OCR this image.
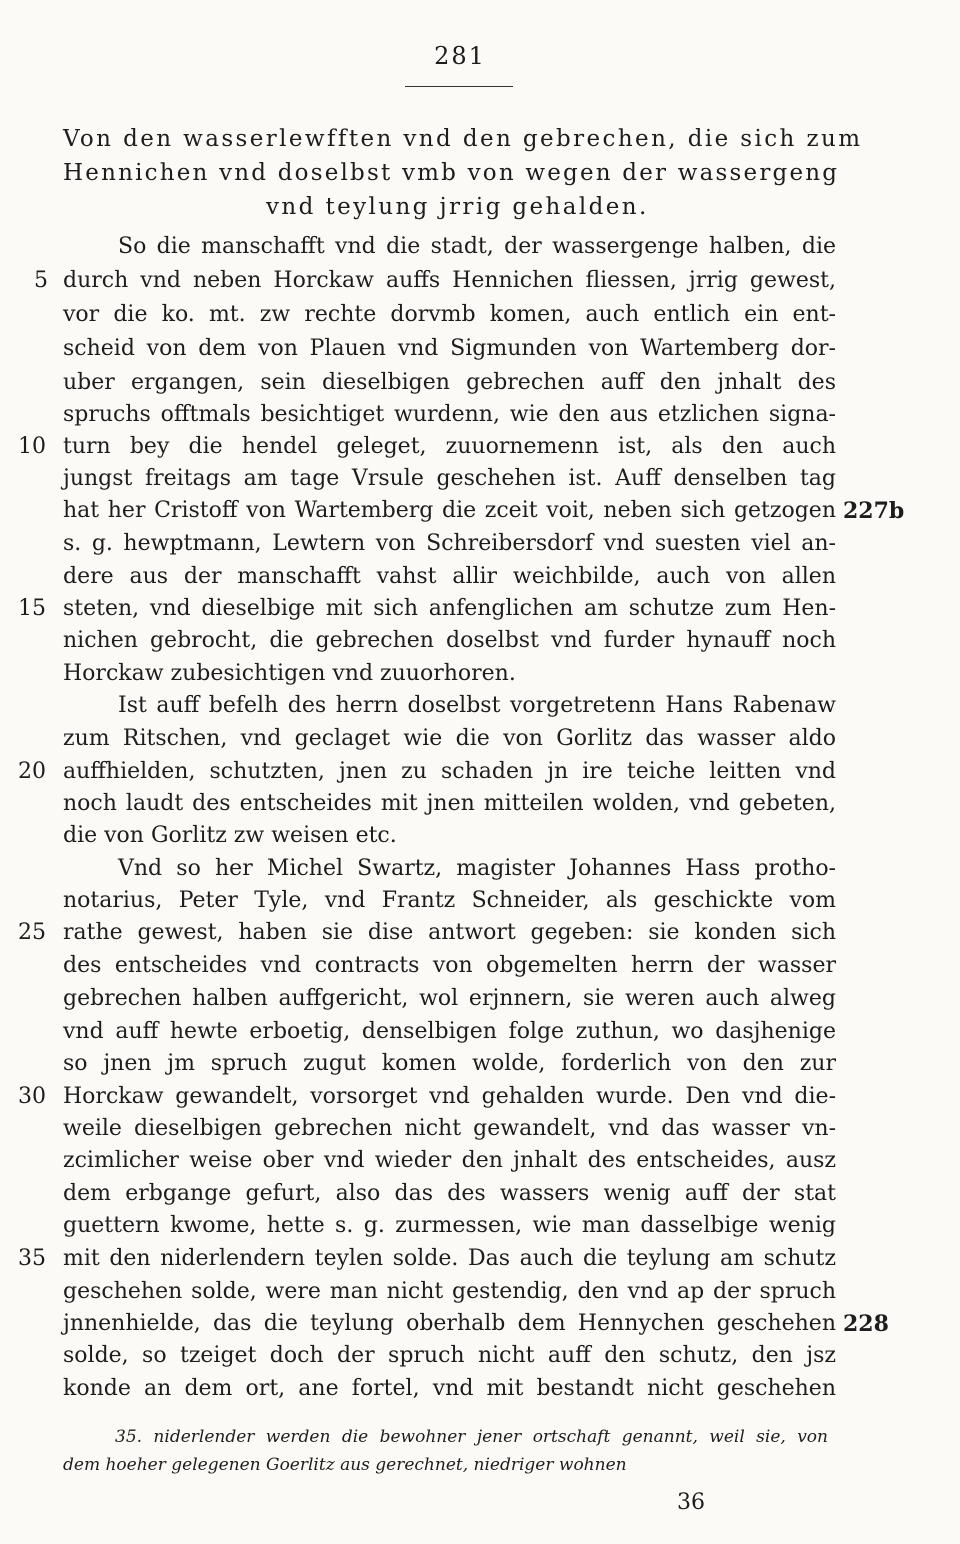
281
Von den wasserlewfften vnd den gebrechen, die sich zum
Hennichen vnd doselbst vmb von wegen der wassergeng
vnd teylung jrrig gehalden.
So die manschafft vnd die stadt, der wassergenge halben, die
durch vnd neben Horckaw auffs Hennichen fliessen, jrrig gewest,
vor die ko. mt. zw rechte dorvmb komen, auch entlich ein ent-
scheid von dem von Plauen vnd Sigmunden von Wartemberg dor-
uber ergangen, sein dieselbigen gebrechen auff den jnhalt des
spruchs offtmals besichtiget wurdenn, wie den aus etzlichen signa-
turn bey die hendel geleget, zuuornemenn ist, als den auch
jungst freitags am tage Vrsule geschehen ist. Auff denselben tag
hat her Cristoff von Wartemberg die zceit voit, neben sich getzogen
s. g. hewptmann, Lewtern von Schreibersdorf vnd suesten viel an-
dere aus der manschafft vahst allir weichbilde, auch von allen
steten, vnd dieselbige mit sich anfenglichen am schutze zum Hen-
nichen gebrocht, die gebrechen doselbst vnd furder hynauff noch
Horckaw zubesichtigen vnd zuuorhoren.
Ist auff befelh des herrn doselbst vorgetretenn Hans Rabenaw
zum Ritschen, vnd geclaget wie die von Gorlitz das wasser aldo
auffhielden, schutzten, jnen zu schaden jn ire teiche leitten vnd
noch laudt des entscheides mit jnen mitteilen wolden, vnd gebeten,
die von Gorlitz zw weisen etc.
Vnd so her Michel Swartz, magister Johannes Hass protho-
notarius, Peter Tyle, vnd Frantz Schneider, als geschickte vom
rathe gewest, haben sie dise antwort gegeben: sie konden sich
des entscheides vnd contracts von obgemelten herrn der wasser
gebrechen halben auffgericht, wol erjnnern, sie weren auch alweg
vnd auff hewte erboetig, denselbigen folge zuthun, wo dasjhenige
so jnen jm spruch zugut komen wolde, forderlich von den zur
Horckaw gewandelt, vorsorget vnd gehalden wurde. Den vnd die-
weile dieselbigen gebrechen nicht gewandelt, vnd das wasser vn-
zcimlicher weise ober vnd wieder den jnhalt des entscheides, ausz
dem erbgange gefurt, also das des wassers wenig auff der stat
guettern kwome, hette s. g. zurmessen, wie man dasselbige wenig
mit den niderlendern teylen solde. Das auch die teylung am schutz
geschehen solde, were man nicht gestendig, den vnd ap der spruch
jnnenhielde, das die teylung oberhalb dem Hennychen geschehen
solde, so tzeiget doch der spruch nicht auff den schutz, den jsz
konde an dem ort, ane fortel, vnd mit bestandt nicht geschehen
5
10
15
20
25
30
35
227b
228
35. niderlender werden die bewohner jener ortschaft genannt, weil sie, von
dem hoeher gelegenen Goerlitz aus gerechnet, niedriger wohnen
36
